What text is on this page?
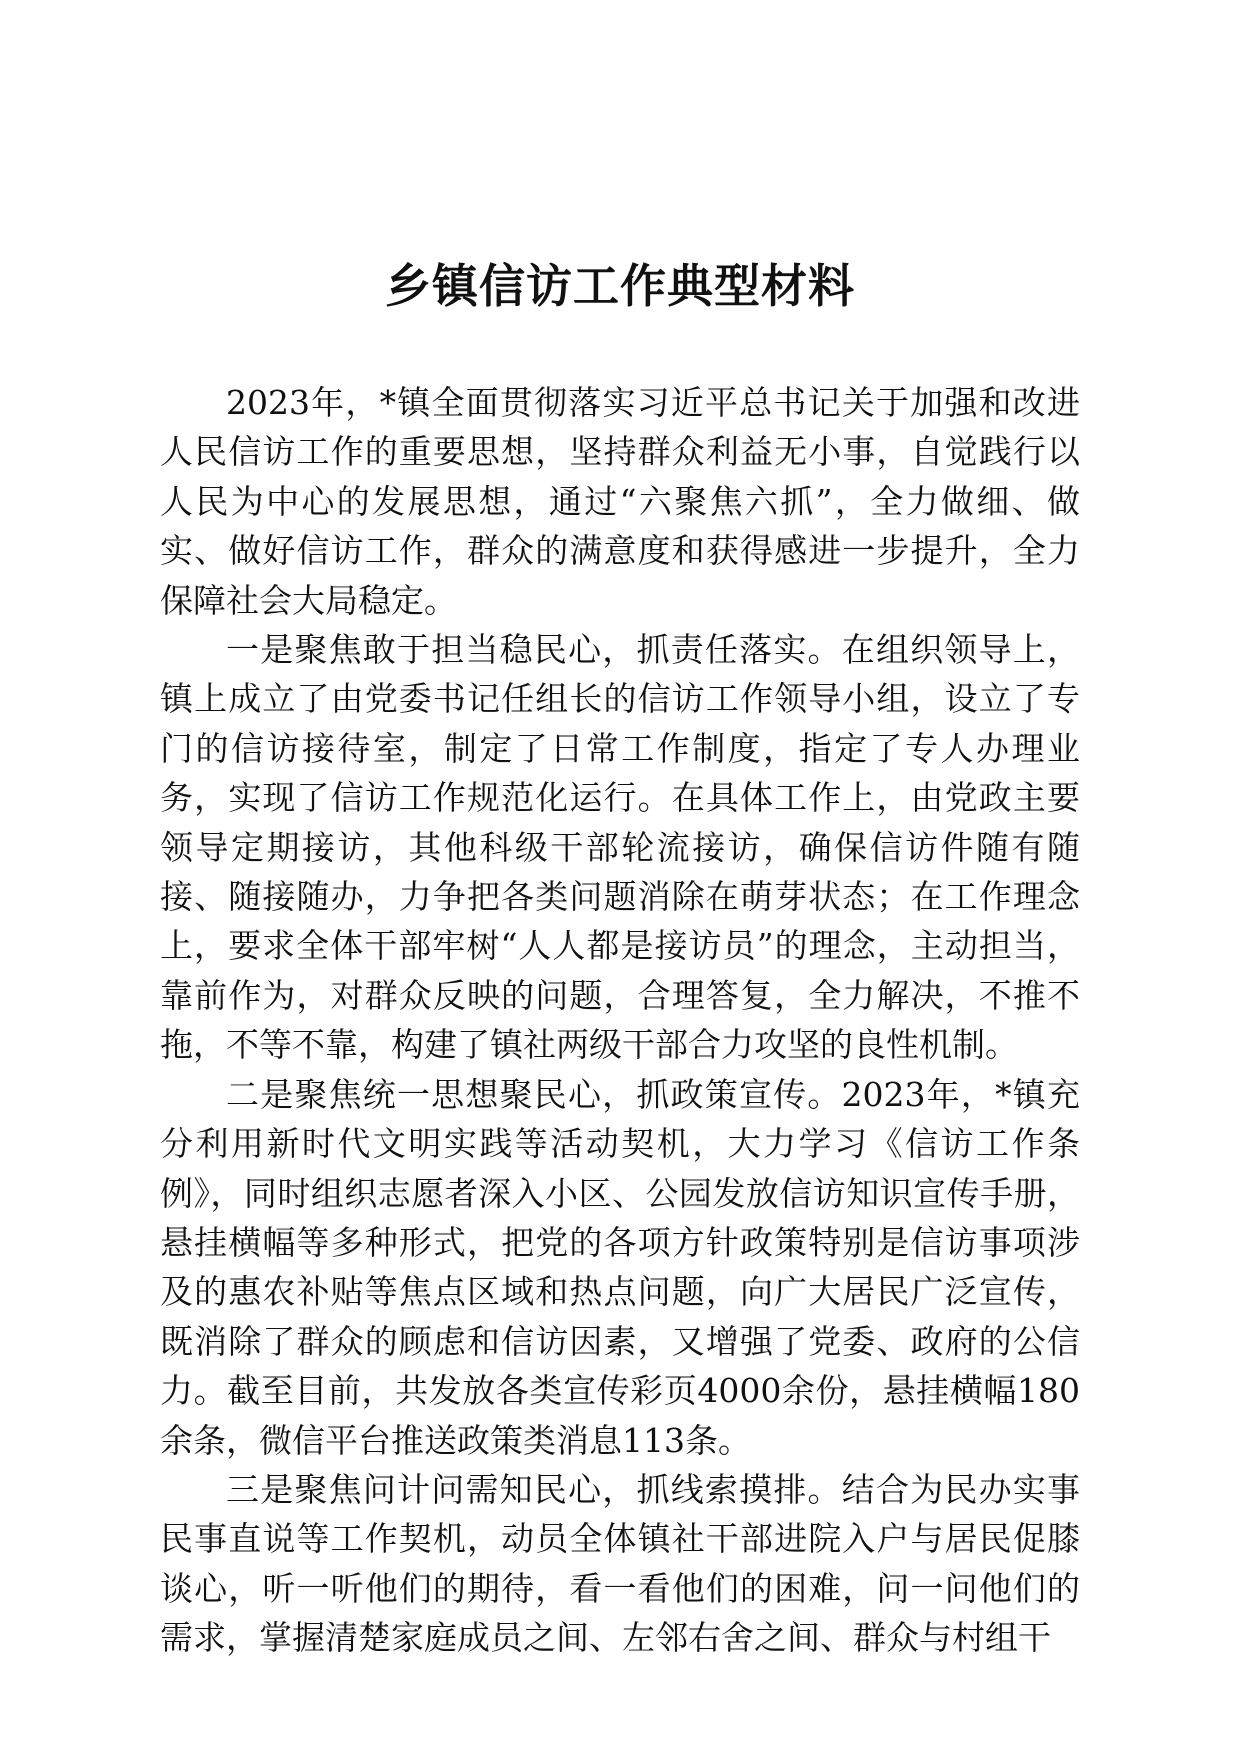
乡镇信访工作典型材料

2023年，*镇全面贯彻落实习近平总书记关于加强和改进人民信访工作的重要思想，坚持群众利益无小事，自觉践行以人民为中心的发展思想，通过“六聚焦六抓”，全力做细、做实、做好信访工作，群众的满意度和获得感进一步提升，全力保障社会大局稳定。

一是聚焦敢于担当稳民心，抓责任落实。在组织领导上，镇上成立了由党委书记任组长的信访工作领导小组，设立了专门的信访接待室，制定了日常工作制度，指定了专人办理业务，实现了信访工作规范化运行。在具体工作上，由党政主要领导定期接访，其他科级干部轮流接访，确保信访件随有随接、随接随办，力争把各类问题消除在萌芽状态；在工作理念上，要求全体干部牢树“人人都是接访员”的理念，主动担当，靠前作为，对群众反映的问题，合理答复，全力解决，不推不拖，不等不靠，构建了镇社两级干部合力攻坚的良性机制。

二是聚焦统一思想聚民心，抓政策宣传。2023年，*镇充分利用新时代文明实践等活动契机，大力学习《信访工作条例》，同时组织志愿者深入小区、公园发放信访知识宣传手册，悬挂横幅等多种形式，把党的各项方针政策特别是信访事项涉及的惠农补贴等焦点区域和热点问题，向广大居民广泛宣传，既消除了群众的顾虑和信访因素，又增强了党委、政府的公信力。截至目前，共发放各类宣传彩页4000余份，悬挂横幅180余条，微信平台推送政策类消息113条。

三是聚焦问计问需知民心，抓线索摸排。结合为民办实事民事直说等工作契机，动员全体镇社干部进院入户与居民促膝谈心，听一听他们的期待，看一看他们的困难，问一问他们的需求，掌握清楚家庭成员之间、左邻右舍之间、群众与村组干
